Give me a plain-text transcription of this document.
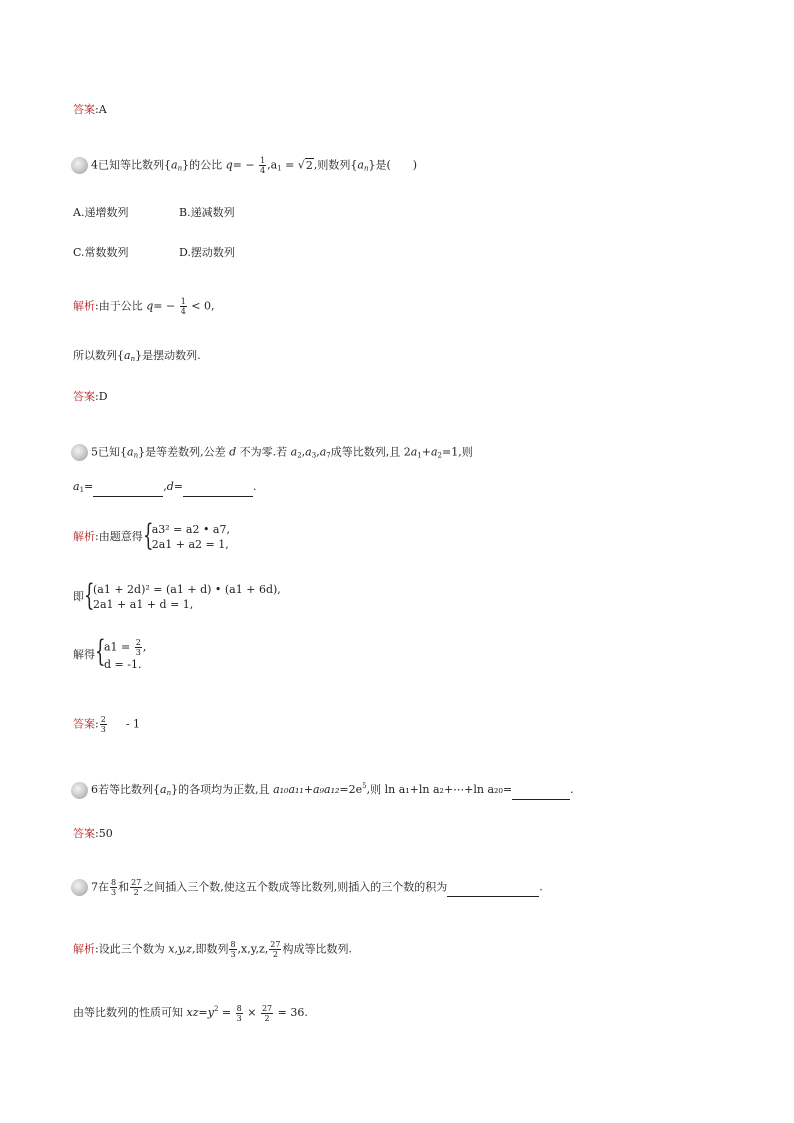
答案:A
4已知等比数列$\{a_n\}$的公比 $q= - \frac{1}{4} ,a_1 = √2$,则数列$\{a_n\}$是(　　)
A.递增数列	B.递减数列
C.常数数列	D.摆动数列
解析:由于公比 $q= - \frac{1}{4} < 0$,
所以数列$\{a_n\}$是摆动数列.
答案:D
5已知$\{a_n\}$是等差数列,公差 d 不为零.若 $a_2,a_3,a_7$成等比数列,且 $2a_1+a_2=1$,则
$a_1=$	,d=	.
解析:由题意得 {
a3² = a2 • a7,
2a1 + a2 = 1,
即 {
(a1 + 2d)² = (a1 + d) • (a1 + 6d),
2a1 + a1 + d = 1,
解得 {
$a1 = \frac{2}{3}$ ,
d = -1.
答案: $\frac{2}{3} - 1$
6若等比数列$\{a_n\}$的各项均为正数,且 $a_{10}a_{11}+a_9a_{12}=2e^5$,则 ln a₁+ln a₂+⋯+ln a₂₀=	.
答案:50
7在 $\frac{8}{3}$ 和 $\frac{27}{2}$ 之间插入三个数,使这五个数成等比数列,则插入的三个数的积为	.
解析:设此三个数为 x,y,z,即数列 $\frac{8}{3} ,x,y,z$, $\frac{27}{2}$ 构成等比数列.
由等比数列的性质可知 $xz=y^2 = \frac{8}{3} \times \frac{27}{2} = 36$.
